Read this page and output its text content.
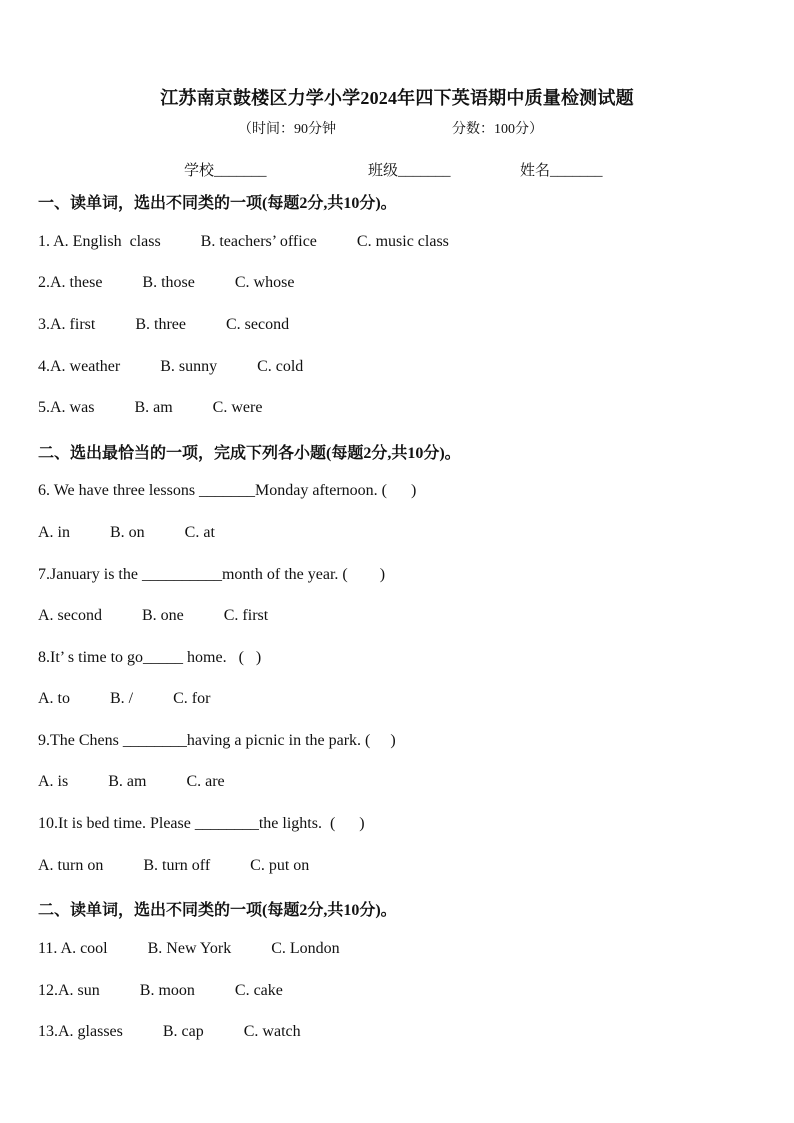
江苏南京鼓楼区力学小学2024年四下英语期中质量检测试题
（时间：90分钟	分数：100分）
学校_______	班级_______	姓名_______
一、读单词，选出不同类的一项(每题2分,共10分)。
1. A. English  class          B. teachers’ office          C. music class
2.A. these          B. those          C. whose
3.A. first          B. three          C. second
4.A. weather          B. sunny          C. cold
5.A. was          B. am          C. were
二、选出最恰当的一项，完成下列各小题(每题2分,共10分)。
6. We have three lessons _______Monday afternoon. (      )
A. in          B. on          C. at
7.January is the __________month of the year. (        )
A. second          B. one          C. first
8.It’ s time to go_____ home.   (   )
A. to          B. /          C. for
9.The Chens ________having a picnic in the park. (     )
A. is          B. am          C. are
10.It is bed time. Please ________the lights.  (      )
A. turn on          B. turn off          C. put on
二、读单词，选出不同类的一项(每题2分,共10分)。
11. A. cool          B. New York          C. London
12.A. sun          B. moon          C. cake
13.A. glasses          B. cap          C. watch
